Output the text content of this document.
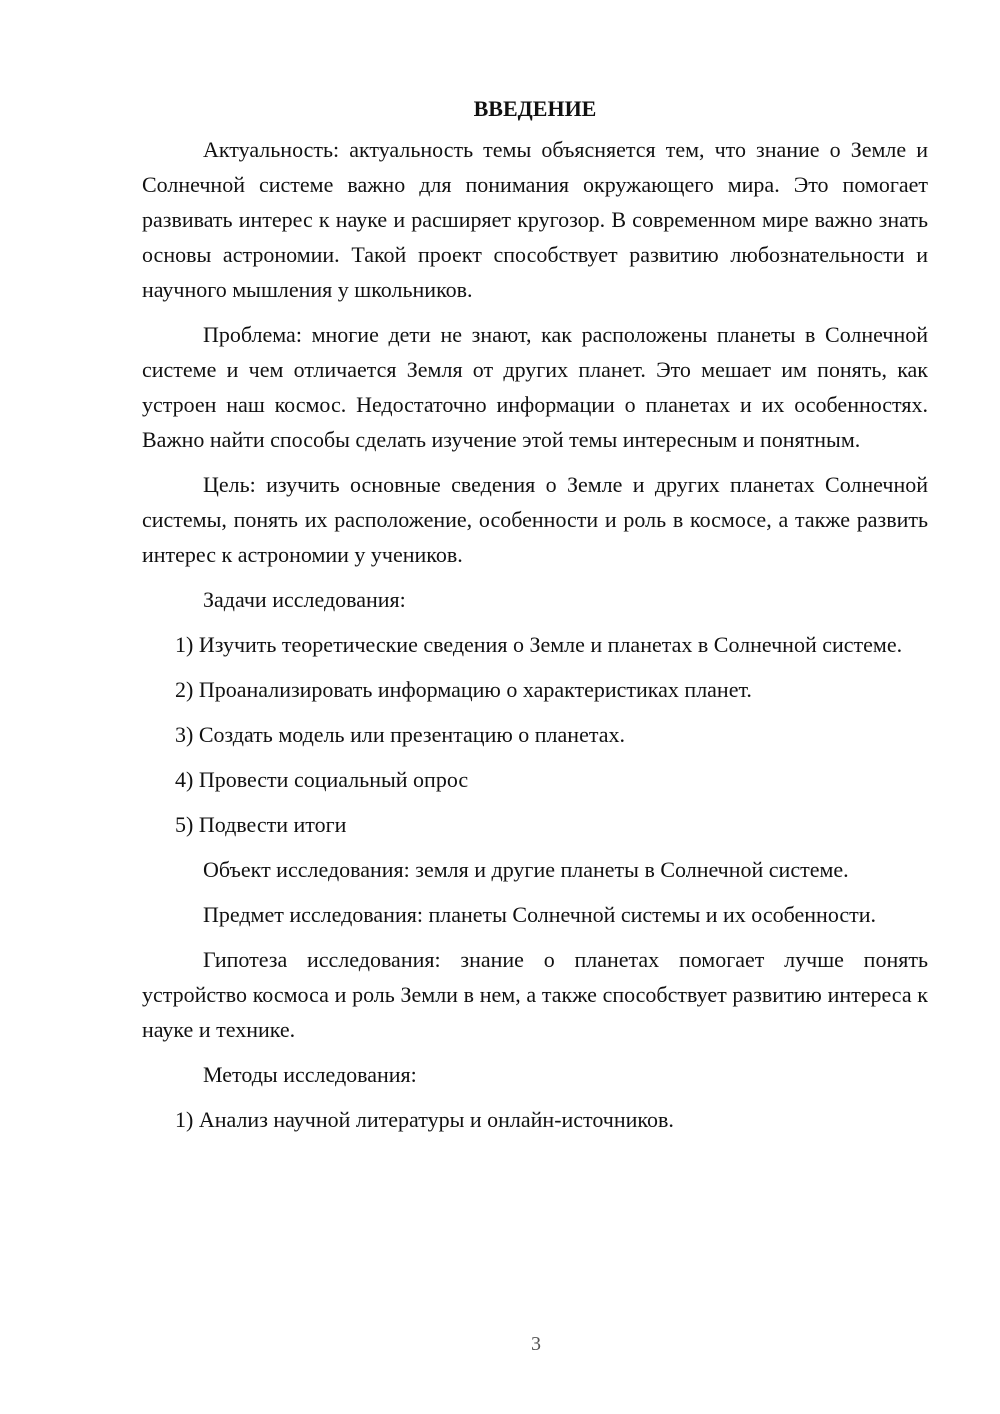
ВВЕДЕНИЕ

Актуальность: актуальность темы объясняется тем, что знание о Земле и Солнечной системе важно для понимания окружающего мира. Это помогает развивать интерес к науке и расширяет кругозор. В современном мире важно знать основы астрономии. Такой проект способствует развитию любознательности и научного мышления у школьников.

Проблема: многие дети не знают, как расположены планеты в Солнечной системе и чем отличается Земля от других планет. Это мешает им понять, как устроен наш космос. Недостаточно информации о планетах и их особенностях. Важно найти способы сделать изучение этой темы интересным и понятным.

Цель: изучить основные сведения о Земле и других планетах Солнечной системы, понять их расположение, особенности и роль в космосе, а также развить интерес к астрономии у учеников.

Задачи исследования:

1) Изучить теоретические сведения о Земле и планетах в Солнечной системе.

2) Проанализировать информацию о характеристиках планет.

3) Создать модель или презентацию о планетах.

4) Провести социальный опрос

5) Подвести итоги

Объект исследования: земля и другие планеты в Солнечной системе.

Предмет исследования: планеты Солнечной системы и их особенности.

Гипотеза исследования: знание о планетах помогает лучше понять устройство космоса и роль Земли в нем, а также способствует развитию интереса к науке и технике.

Методы исследования:

1) Анализ научной литературы и онлайн-источников.

3
